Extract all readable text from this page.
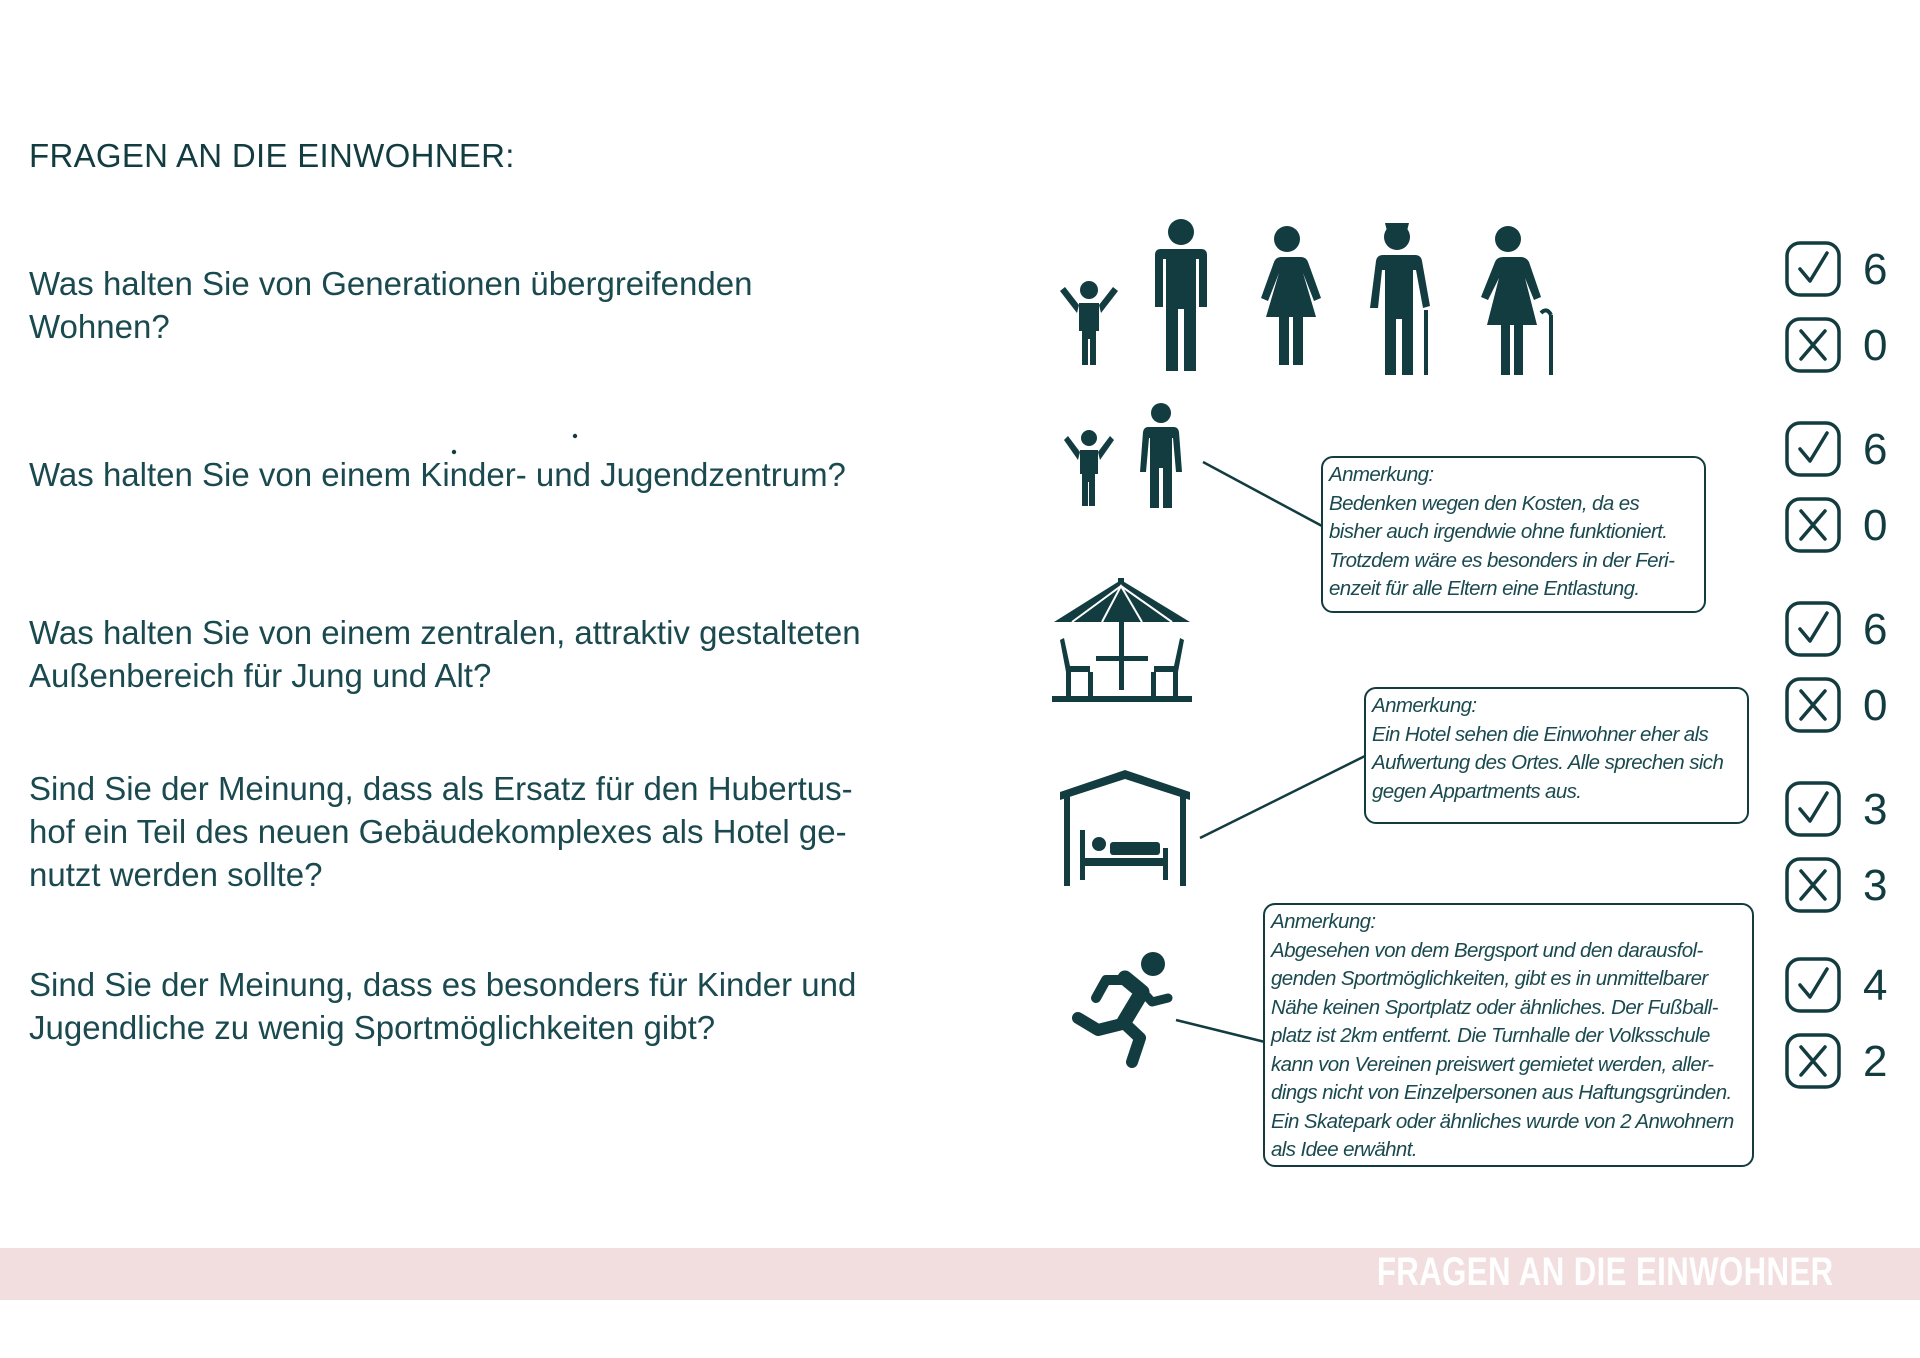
FRAGEN AN DIE EINWOHNER:
Was halten Sie von Generationen übergreifenden
Wohnen?
Was halten Sie von einem Kinder- und Jugendzentrum?
Was halten Sie von einem zentralen, attraktiv gestalteten
Außenbereich für Jung und Alt?
Sind Sie der Meinung, dass als Ersatz für den Hubertus-
hof ein Teil des neuen Gebäudekomplexes als Hotel ge-
nutzt werden sollte?
Sind Sie der Meinung, dass es besonders für Kinder und
Jugendliche zu wenig Sportmöglichkeiten gibt?
Anmerkung:
Bedenken wegen den Kosten, da es
bisher auch irgendwie ohne funktioniert.
Trotzdem wäre es besonders in der Feri-
enzeit für alle Eltern eine Entlastung.
Anmerkung:
Ein Hotel sehen die Einwohner eher als
Aufwertung des Ortes. Alle sprechen sich
gegen Appartments aus.
Anmerkung:
Abgesehen von dem Bergsport und den darausfol-
genden Sportmöglichkeiten, gibt es in unmittelbarer
Nähe keinen Sportplatz oder ähnliches. Der Fußball-
platz ist 2km entfernt. Die Turnhalle der Volksschule
kann von Vereinen preiswert gemietet werden, aller-
dings nicht von Einzelpersonen aus Haftungsgründen.
Ein Skatepark oder ähnliches wurde von 2 Anwohnern
als Idee erwähnt.
6
0
6
0
6
0
3
3
4
2
FRAGEN AN DIE EINWOHNER
